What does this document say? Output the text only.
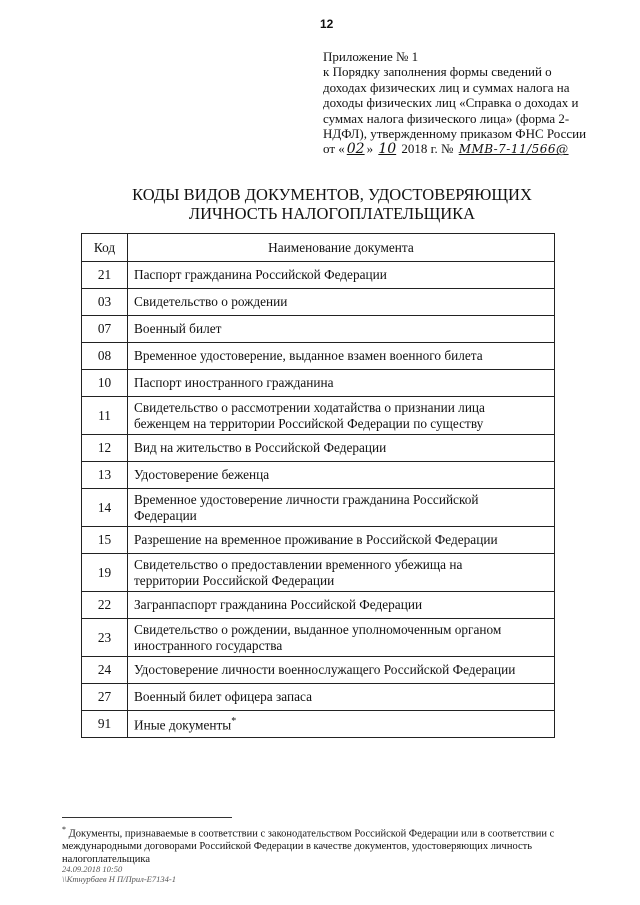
12
Приложение № 1
к Порядку заполнения формы сведений о
доходах физических лиц и суммах налога на
доходы физических лиц «Справка о доходах и
суммах налога физического лица» (форма 2-
НДФЛ), утвержденному приказом ФНС России
от « 02 » 10 2018 г. № ММВ-7-11/566@
КОДЫ ВИДОВ ДОКУМЕНТОВ, УДОСТОВЕРЯЮЩИХ
ЛИЧНОСТЬ НАЛОГОПЛАТЕЛЬЩИКА
Код	Наименование документа
21	Паспорт гражданина Российской Федерации
03	Свидетельство о рождении
07	Военный билет
08	Временное удостоверение, выданное взамен военного билета
10	Паспорт иностранного гражданина
11	Свидетельство о рассмотрении ходатайства о признании лица
беженцем на территории Российской Федерации по существу
12	Вид на жительство в Российской Федерации
13	Удостоверение беженца
14	Временное удостоверение личности гражданина Российской
Федерации
15	Разрешение на временное проживание в Российской Федерации
19	Свидетельство о предоставлении временного убежища на
территории Российской Федерации
22	Загранпаспорт гражданина Российской Федерации
23	Свидетельство о рождении, выданное уполномоченным органом
иностранного государства
24	Удостоверение личности военнослужащего Российской Федерации
27	Военный билет офицера запаса
91	Иные документы*
* Документы, признаваемые в соответствии с законодательством Российской Федерации или в соответствии с
международными договорами Российской Федерации в качестве документов, удостоверяющих личность
налогоплательщика
24.09.2018 10:50
\\Ктнурбаев Н П/Прил-E7134-1
